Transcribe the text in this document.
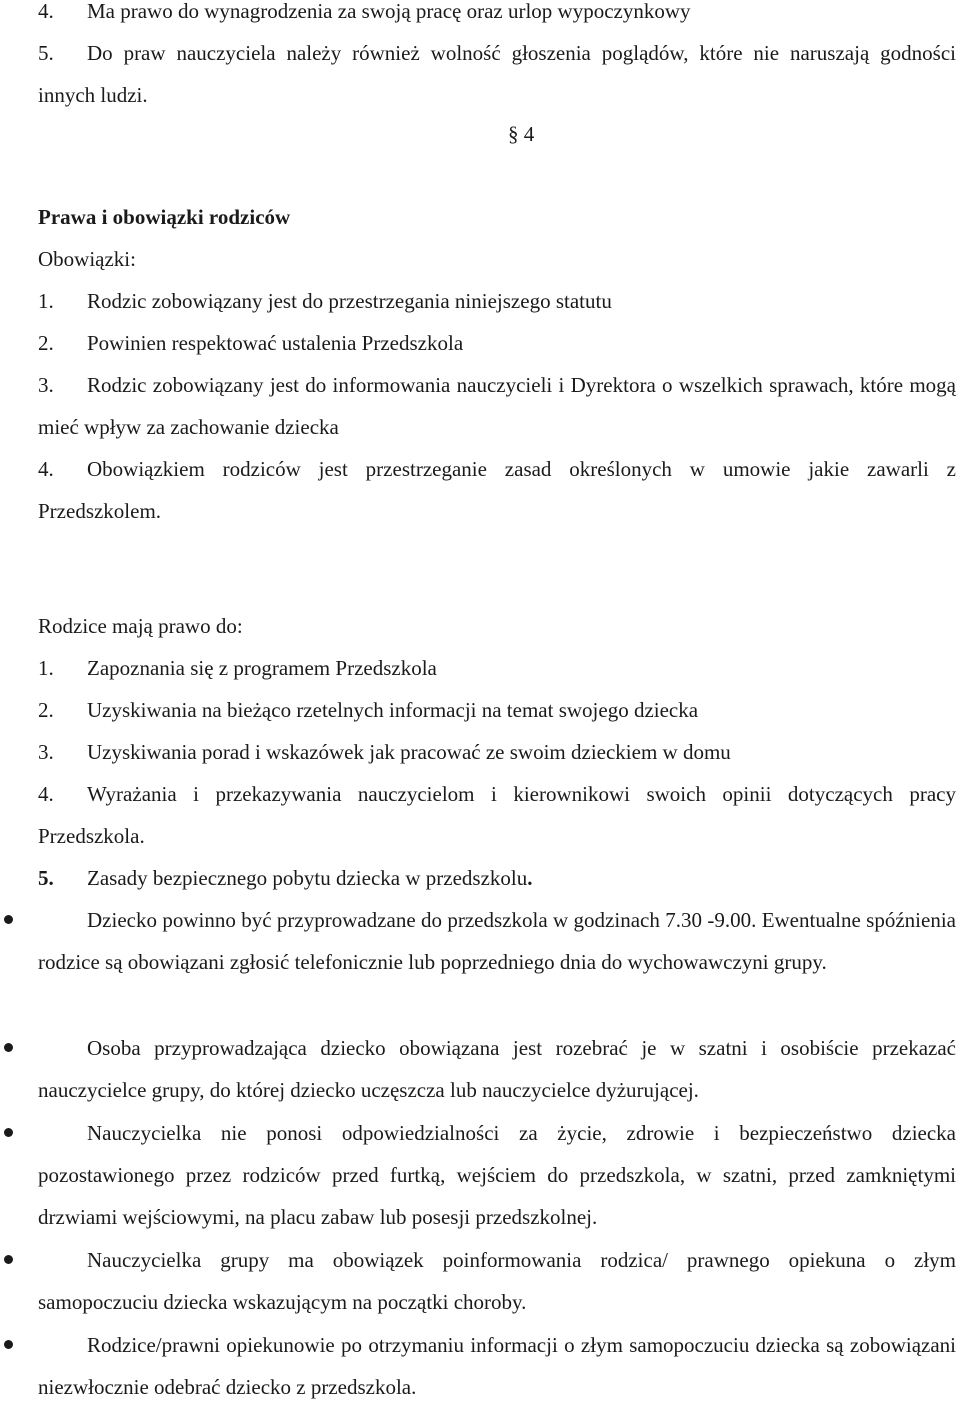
4.	Ma prawo do wynagrodzenia za swoją pracę oraz urlop wypoczynkowy
5.	Do praw nauczyciela należy również wolność głoszenia poglądów, które nie naruszają godności innych ludzi.
§ 4
Prawa i obowiązki rodziców
Obowiązki:
1.	Rodzic zobowiązany jest do przestrzegania niniejszego statutu
2.	Powinien respektować ustalenia Przedszkola
3.	Rodzic zobowiązany jest do informowania nauczycieli i Dyrektora o wszelkich sprawach, które mogą mieć wpływ za zachowanie dziecka
4.	Obowiązkiem rodziców jest przestrzeganie zasad określonych w umowie jakie zawarli z Przedszkolem.
Rodzice mają prawo do:
1.	Zapoznania się z programem Przedszkola
2.	Uzyskiwania na bieżąco rzetelnych informacji na temat swojego dziecka
3.	Uzyskiwania porad i wskazówek jak pracować ze swoim dzieckiem w domu
4.	Wyrażania i przekazywania nauczycielom i kierownikowi swoich opinii dotyczących pracy Przedszkola.
5.	Zasady bezpiecznego pobytu dziecka w przedszkolu.
Dziecko powinno być przyprowadzane do przedszkola w godzinach 7.30 -9.00. Ewentualne spóźnienia rodzice są obowiązani zgłosić telefonicznie lub poprzedniego dnia do wychowawczyni grupy.
Osoba przyprowadzająca dziecko obowiązana jest rozebrać je w szatni i osobiście przekazać nauczycielce grupy, do której dziecko uczęszcza lub nauczycielce dyżurującej.
Nauczycielka nie ponosi odpowiedzialności za życie, zdrowie i bezpieczeństwo dziecka pozostawionego przez rodziców przed furtką, wejściem do przedszkola, w szatni, przed zamkniętymi drzwiami wejściowymi, na placu zabaw lub posesji przedszkolnej.
Nauczycielka grupy ma obowiązek poinformowania rodzica/ prawnego opiekuna o złym samopoczuciu dziecka wskazującym na początki choroby.
Rodzice/prawni opiekunowie po otrzymaniu informacji o złym samopoczuciu dziecka są zobowiązani niezwłocznie odebrać dziecko z przedszkola.
